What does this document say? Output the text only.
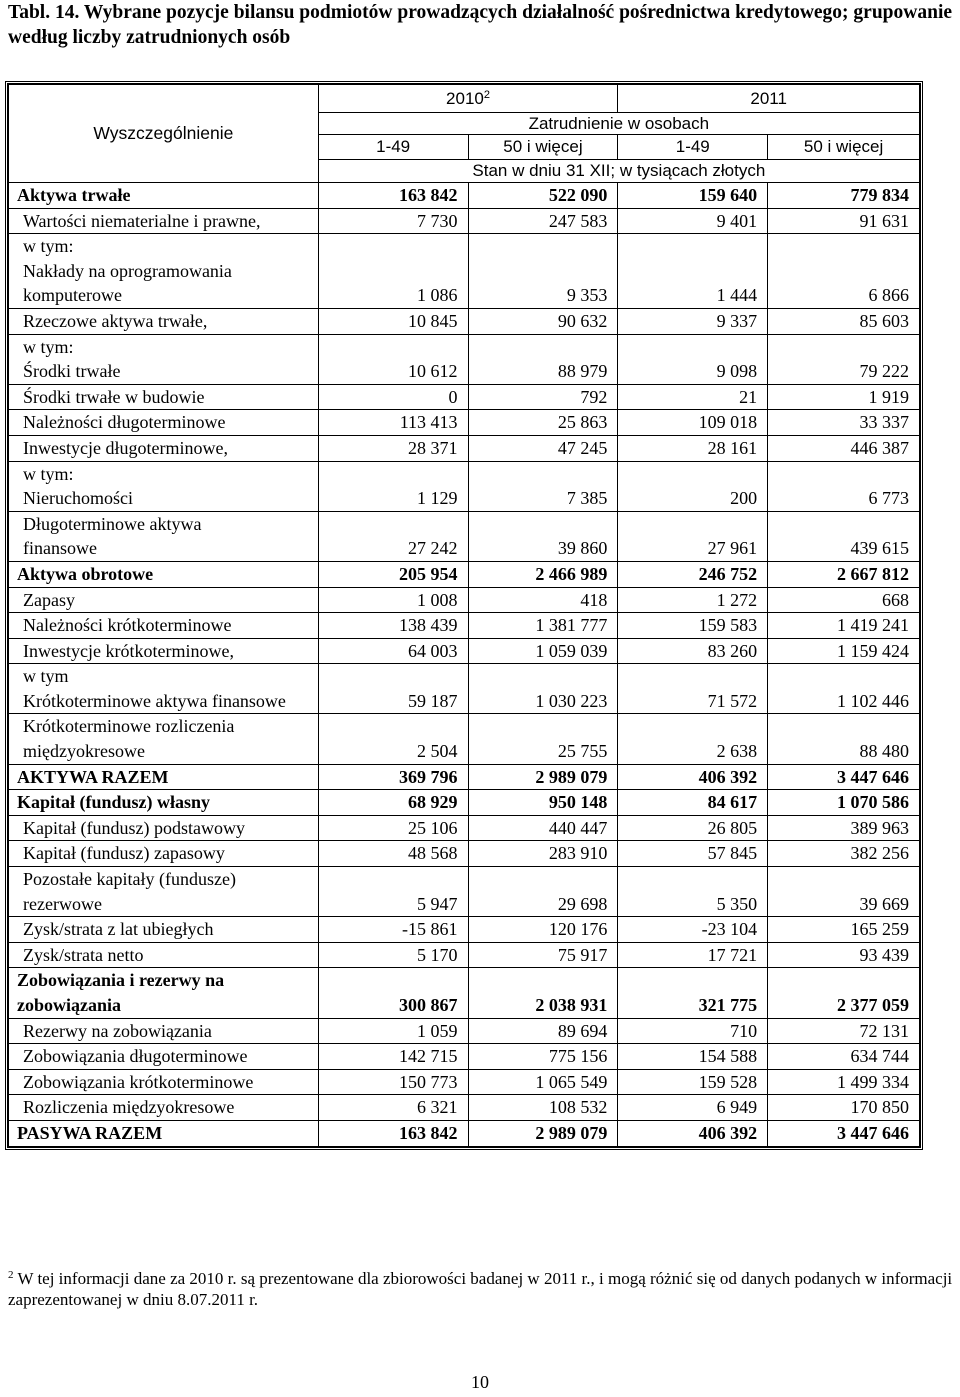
Tabl. 14. Wybrane pozycje bilansu podmiotów prowadzących działalność pośrednictwa kredytowego; grupowanie według liczby zatrudnionych osób
Wyszczególnienie	2010$^2$		2011	
	Zatrudnienie w osobach			
	1-49	50 i więcej	1-49	50 i więcej
	Stan w dniu 31 XII; w tysiącach złotych			
Aktywa trwałe	163 842	522 090	159 640	779 834
Wartości niematerialne i prawne,	7 730	247 583	9 401	91 631
w tym:
Nakłady na oprogramowania komputerowe	1 086	9 353	1 444	6 866
Rzeczowe aktywa trwałe,	10 845	90 632	9 337	85 603
w tym:
Środki trwałe	10 612	88 979	9 098	79 222
Środki trwałe w budowie	0	792	21	1 919
Należności długoterminowe	113 413	25 863	109 018	33 337
Inwestycje długoterminowe,	28 371	47 245	28 161	446 387
w tym:
Nieruchomości	1 129	7 385	200	6 773
Długoterminowe aktywa finansowe	27 242	39 860	27 961	439 615
Aktywa obrotowe	205 954	2 466 989	246 752	2 667 812
Zapasy	1 008	418	1 272	668
Należności krótkoterminowe	138 439	1 381 777	159 583	1 419 241
Inwestycje krótkoterminowe,	64 003	1 059 039	83 260	1 159 424
w tym
Krótkoterminowe aktywa finansowe	59 187	1 030 223	71 572	1 102 446
Krótkoterminowe rozliczenia międzyokresowe	2 504	25 755	2 638	88 480
AKTYWA RAZEM	369 796	2 989 079	406 392	3 447 646
Kapitał (fundusz) własny	68 929	950 148	84 617	1 070 586
Kapitał (fundusz) podstawowy	25 106	440 447	26 805	389 963
Kapitał (fundusz) zapasowy	48 568	283 910	57 845	382 256
Pozostałe kapitały (fundusze) rezerwowe	5 947	29 698	5 350	39 669
Zysk/strata z lat ubiegłych	-15 861	120 176	-23 104	165 259
Zysk/strata netto	5 170	75 917	17 721	93 439
Zobowiązania i rezerwy na zobowiązania	300 867	2 038 931	321 775	2 377 059
Rezerwy na zobowiązania	1 059	89 694	710	72 131
Zobowiązania długoterminowe	142 715	775 156	154 588	634 744
Zobowiązania krótkoterminowe	150 773	1 065 549	159 528	1 499 334
Rozliczenia międzyokresowe	6 321	108 532	6 949	170 850
PASYWA RAZEM	163 842	2 989 079	406 392	3 447 646
$^2$ W tej informacji dane za 2010 r. są prezentowane dla zbiorowości badanej w 2011 r., i mogą różnić się od danych podanych w informacji zaprezentowanej w dniu 8.07.2011 r.
10
